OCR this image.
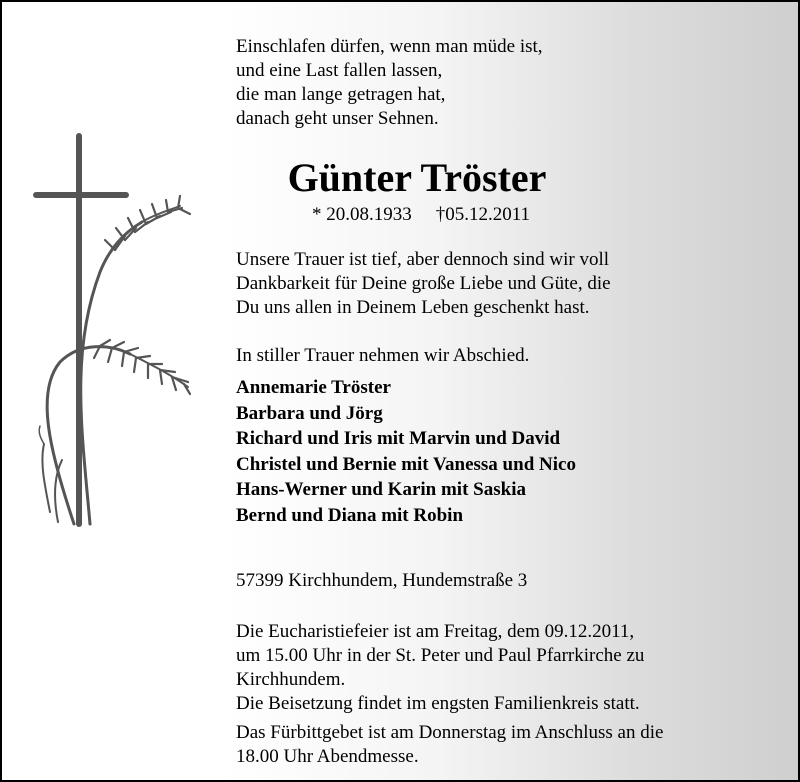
Einschlafen dürfen, wenn man müde ist,
und eine Last fallen lassen,
die man lange getragen hat,
danach geht unser Sehnen.
Günter Tröster
* 20.08.1933 †05.12.2011
Unsere Trauer ist tief, aber dennoch sind wir voll
Dankbarkeit für Deine große Liebe und Güte, die
Du uns allen in Deinem Leben geschenkt hast.
In stiller Trauer nehmen wir Abschied.
Annemarie Tröster
Barbara und Jörg
Richard und Iris mit Marvin und David
Christel und Bernie mit Vanessa und Nico
Hans-Werner und Karin mit Saskia
Bernd und Diana mit Robin
57399 Kirchhundem, Hundemstraße 3
Die Eucharistiefeier ist am Freitag, dem 09.12.2011,
um 15.00 Uhr in der St. Peter und Paul Pfarrkirche zu
Kirchhundem.
Die Beisetzung findet im engsten Familienkreis statt.
Das Fürbittgebet ist am Donnerstag im Anschluss an die
18.00 Uhr Abendmesse.
